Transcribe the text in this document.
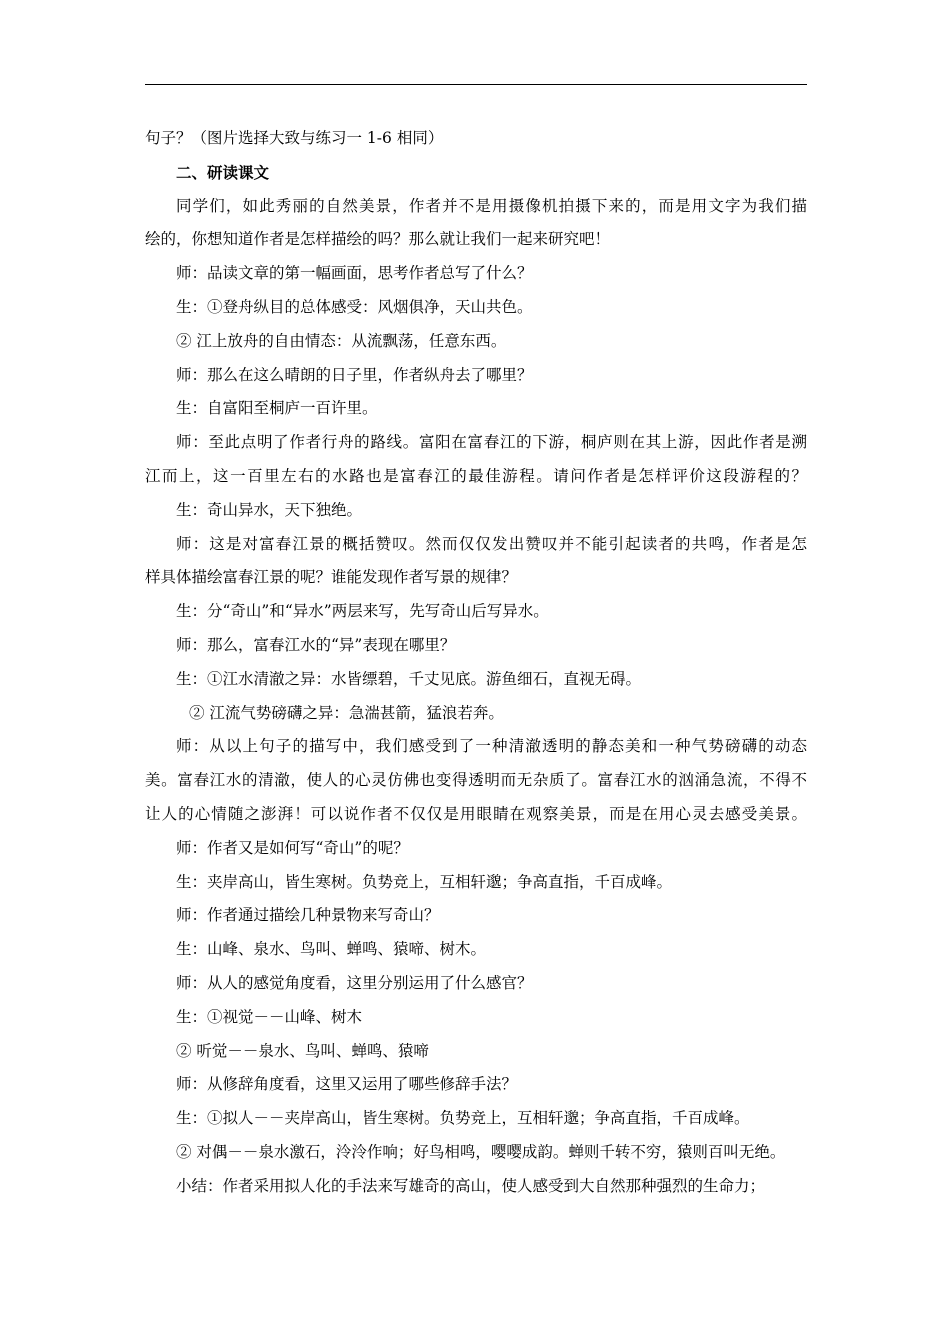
句子？（图片选择大致与练习一 1-6 相同）
二、研读课文
同学们，如此秀丽的自然美景，作者并不是用摄像机拍摄下来的，而是用文字为我们描
绘的，你想知道作者是怎样描绘的吗？那么就让我们一起来研究吧！
师：品读文章的第一幅画面，思考作者总写了什么？
生：①登舟纵目的总体感受：风烟俱净，天山共色。
② 江上放舟的自由情态：从流飘荡，任意东西。
师：那么在这么晴朗的日子里，作者纵舟去了哪里？
生：自富阳至桐庐一百许里。
师：至此点明了作者行舟的路线。富阳在富春江的下游，桐庐则在其上游，因此作者是溯
江而上，这一百里左右的水路也是富春江的最佳游程。请问作者是怎样评价这段游程的？
生：奇山异水，天下独绝。
师：这是对富春江景的概括赞叹。然而仅仅发出赞叹并不能引起读者的共鸣，作者是怎
样具体描绘富春江景的呢？谁能发现作者写景的规律？
生：分“奇山”和“异水”两层来写，先写奇山后写异水。
师：那么，富春江水的“异”表现在哪里？
生：①江水清澈之异：水皆缥碧，千丈见底。游鱼细石，直视无碍。
② 江流气势磅礴之异：急湍甚箭，猛浪若奔。
师：从以上句子的描写中，我们感受到了一种清澈透明的静态美和一种气势磅礴的动态
美。富春江水的清澈，使人的心灵仿佛也变得透明而无杂质了。富春江水的汹涌急流，不得不
让人的心情随之澎湃！可以说作者不仅仅是用眼睛在观察美景，而是在用心灵去感受美景。
师：作者又是如何写“奇山”的呢？
生：夹岸高山，皆生寒树。负势竞上，互相轩邈；争高直指，千百成峰。
师：作者通过描绘几种景物来写奇山？
生：山峰、泉水、鸟叫、蝉鸣、猿啼、树木。
师：从人的感觉角度看，这里分别运用了什么感官？
生：①视觉－－山峰、树木
② 听觉－－泉水、鸟叫、蝉鸣、猿啼
师：从修辞角度看，这里又运用了哪些修辞手法？
生：①拟人－－夹岸高山，皆生寒树。负势竞上，互相轩邈；争高直指，千百成峰。
② 对偶－－泉水激石，泠泠作响；好鸟相鸣，嘤嘤成韵。蝉则千转不穷，猿则百叫无绝。
小结：作者采用拟人化的手法来写雄奇的高山，使人感受到大自然那种强烈的生命力；
